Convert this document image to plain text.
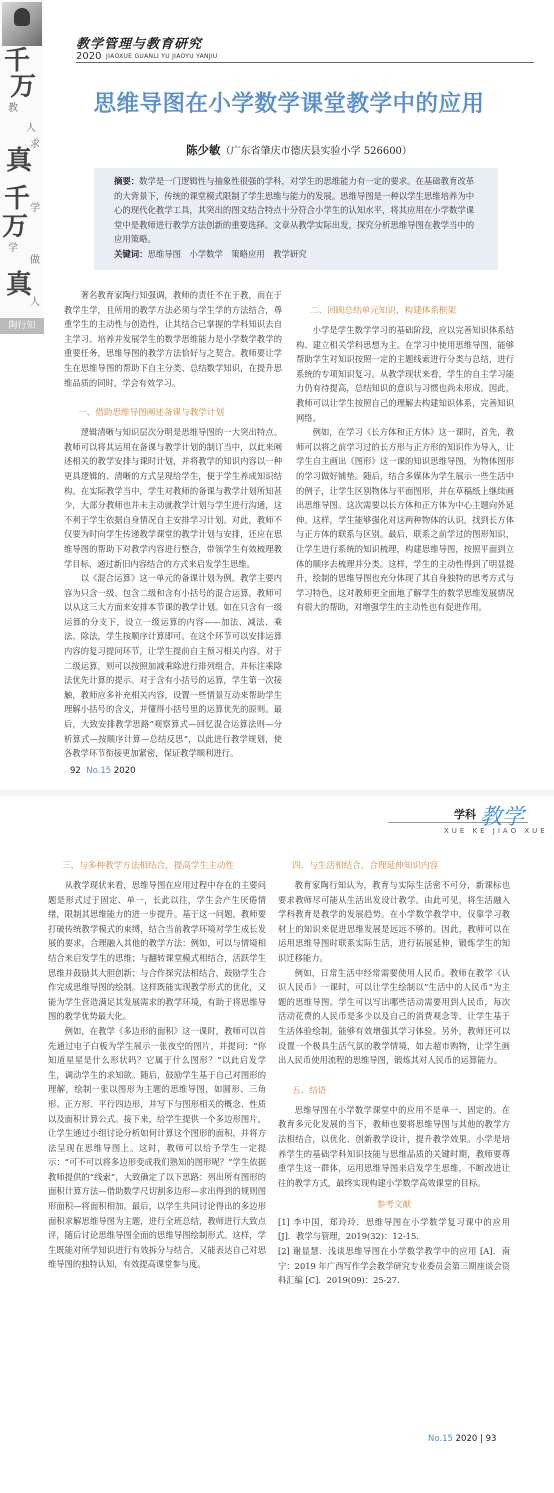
千
万
教
人
求
真
千 学
万
学
做
真
人
陶行知
教学管理与教育研究
2020 JIAOXUE GUANLI YU JIAOYU YANJIU
思维导图在小学数学课堂教学中的应用
陈少敏（广东省肇庆市德庆县实验小学 526600）
摘要：数学是一门逻辑性与抽象性很强的学科，对学生的思维能力有一定的要求。在基础教育改革的大背景下，传统的课堂模式限制了学生思维与能力的发展。思维导图是一种以学生思维培养为中心的现代化教学工具，其突出的图文结合特点十分符合小学生的认知水平，将其应用在小学数学课堂中是教师进行教学方法创新的重要选择。文章从教学实际出发，探究分析思维导图在教学当中的应用策略。
关键词：思维导图　小学数学　策略应用　教学研究

著名教育家陶行知强调，教师的责任不在于教，而在于教学生学，且所用的教学方法必须与学生学的方法结合，尊重学生的主动性与创造性，让其结合已掌握的学科知识去自主学习。培养并发展学生的数学思维能力是小学数学教学的重要任务，思维导图的教学方法恰好与之契合。教师要让学生在思维导图的帮助下自主分类、总结数学知识，在提升思维品质的同时，学会有效学习。

一、借助思维导图阐述备课与教学计划

逻辑清晰与知识层次分明是思维导图的一大突出特点。教师可以将其运用在备课与教学计划的制订当中，以此来阐述相关的教学安排与课时计划，并将教学的知识内容以一种更具逻辑的、清晰的方式呈现给学生，便于学生养成知识结构。在实际教学当中，学生对教师的备课与教学计划所知甚少，大部分教师也并未主动就教学计划与学生进行沟通，这不利于学生依据自身情况自主安排学习计划。对此，教师不仅要为时向学生传递教学课堂的教学计划与安排，还应在思维导图的帮助下对教学内容进行整合，带领学生有效梳理教学目标，通过新旧内容结合的方式来启发学生思维。

以《混合运算》这一单元的备课计划为例。教学主要内容为只含一级、包含二级和含有小括号的混合运算，教师可以从这三大方面来安排本节课的教学计划。如在只含有一级运算的分支下，设立一级运算的内容——加法、减法、乘法、除法，学生按顺序计算即可。在这个环节可以安排运算内容的复习提问环节，让学生提前自主预习相关内容。对于二级运算，则可以按照加减乘除进行排列组合，并标注乘除法优先计算的提示。对于含有小括号的运算，学生第一次接触，教师应多补充相关内容，设置一些情景互动来帮助学生理解小括号的含义，并懂得小括号里的运算优先的原则。最后，大致安排教学思路“观察算式—回忆混合运算法则—分析算式—按顺序计算—总结反思”，以此进行教学规划，使各教学环节衔接更加紧密，保证教学顺利进行。

二、回顾总结单元知识，构建体系框架

小学是学生数学学习的基础阶段，应以完善知识体系结构、建立相关学科思想为主。在学习中使用思维导图，能够帮助学生对知识按照一定的主题线索进行分类与总结，进行系统的专项知识复习。从教学现状来看，学生的自主学习能力仍有待提高，总结知识的意识与习惯也尚未形成。因此，教师可以让学生按照自己的理解去构建知识体系，完善知识网络。

例如，在学习《长方体和正方体》这一课时，首先，教师可以将之前学习过的长方形与正方形的知识作为导入，让学生自主画出《图形》这一课的知识思维导图，为物体图形的学习做好铺垫。随后，结合多媒体为学生展示一些生活中的例子，让学生区别物体与平面图形，并在草稿纸上继续画出思维导图。这次需要以长方体和正方体为中心主题向外延伸。这样，学生能够强化对这两种物体的认识，找到长方体与正方体的联系与区别。最后，联系之前学过的图形知识，让学生进行系统的知识梳理，构建思维导图，按照平面到立体的顺序去梳理并分类。这样，学生的主动性得到了明显提升，绘制的思维导图也充分体现了其自身独特的思考方式与学习特色，这对教师更全面地了解学生的数学思维发展情况有很大的帮助，对增强学生的主动性也有促进作用。

92 No.15 2020
学科 教学
XUE KE JIAO XUE
三、与多种教学方法相结合，提高学生主动性

从教学现状来看，思维导图在应用过程中存在的主要问题是形式过于固定、单一，长此以往，学生会产生厌倦情绪，限制其思维能力的进一步提升。基于这一问题，教师要打破传统教学模式的束缚，结合当前教学环境对学生成长发展的要求，合理融入其他的教学方法：例如，可以与情境相结合来启发学生的思维；与翻转课堂模式相结合，活跃学生思维并鼓励其大胆创新；与合作探究法相结合，鼓励学生合作完成思维导图的绘制。这样既能实现教学形式的优化，又能为学生营造满足其发展需求的教学环境，有助于将思维导图的教学优势最大化。

例如，在教学《多边形的面积》这一课时，教师可以首先通过电子白板为学生展示一张夜空的图片，并提问：“你知道星星是什么形状吗？它属于什么图形？”以此启发学生，调动学生的求知欲。随后，鼓励学生基于自己对图形的理解，绘制一张以图形为主题的思维导图，如圆形、三角形、正方形、平行四边形，并写下与图形相关的概念、性质以及面积计算公式。接下来，给学生提供一个多边形图片，让学生通过小组讨论分析如何计算这个图形的面积，并将方法呈现在思维导图上。这时，教师可以给予学生一定提示：“可不可以将多边形变成我们熟知的图形呢？”学生依据教师提供的“线索”，大致确定了以下思路：列出所有图形的面积计算方法—借助数学尺切割多边形—求出得到的规则图形面积—将面积相加。最后，以学生共同讨论得出的多边形面积求解思维导图为主题，进行全班总结，教师进行大致点评，随后讨论思维导图全面的思维导图绘制形式。这样，学生既能对所学知识进行有效拆分与结合，又能表达自己对思维导图的独特认知，有效提高课堂参与度。

四、与生活相结合，合理延伸知识内容

教育家陶行知认为，教育与实际生活密不可分，新课标也要求教师尽可能从生活出发设计教学。由此可见，将生活融入学科教育是教学的发展趋势。在小学数学教学中，仅靠学习教材上的知识来促进思维发展是远远不够的。因此，教师可以在运用思维导图时联系实际生活，进行拓展延伸，锻炼学生的知识迁移能力。

例如，日常生活中经常需要使用人民币。教师在教学《认识人民币》一课时，可以让学生绘制以“生活中的人民币”为主题的思维导图。学生可以写出哪些活动需要用到人民币，每次活动花费的人民币是多少以及自己的消费观念等。让学生基于生活体验绘制，能够有效增强其学习体验。另外，教师还可以设置一个极具生活气氛的教学情境，如去超市购物，让学生画出人民币使用流程的思维导图，锻炼其对人民币的运算能力。

五、结语

思维导图在小学数学课堂中的应用不是单一、固定的。在教育多元化发展的当下，教师也要将思维导图与其他的教学方法相结合，以优化、创新教学设计，提升教学效果。小学是培养学生的基础学科知识技能与思维品质的关键时期，教师要尊重学生这一群体，运用思维导图来启发学生思维，不断改进让往的教学方式，最终实现构建小学数学高效课堂的目标。

参考文献

[1] 李中国，郑玲玲．思维导图在小学数学复习课中的应用 [J]．教学与管理，2019(32)：12-15.

[2] 谢显慧．浅谈思维导图在小学数学教学中的应用 [A]．南宁：2019 年广西写作学会教学研究专业委员会第三期座谈会资料汇编 [C]．2019(09)：25-27.

No.15 2020 | 93
